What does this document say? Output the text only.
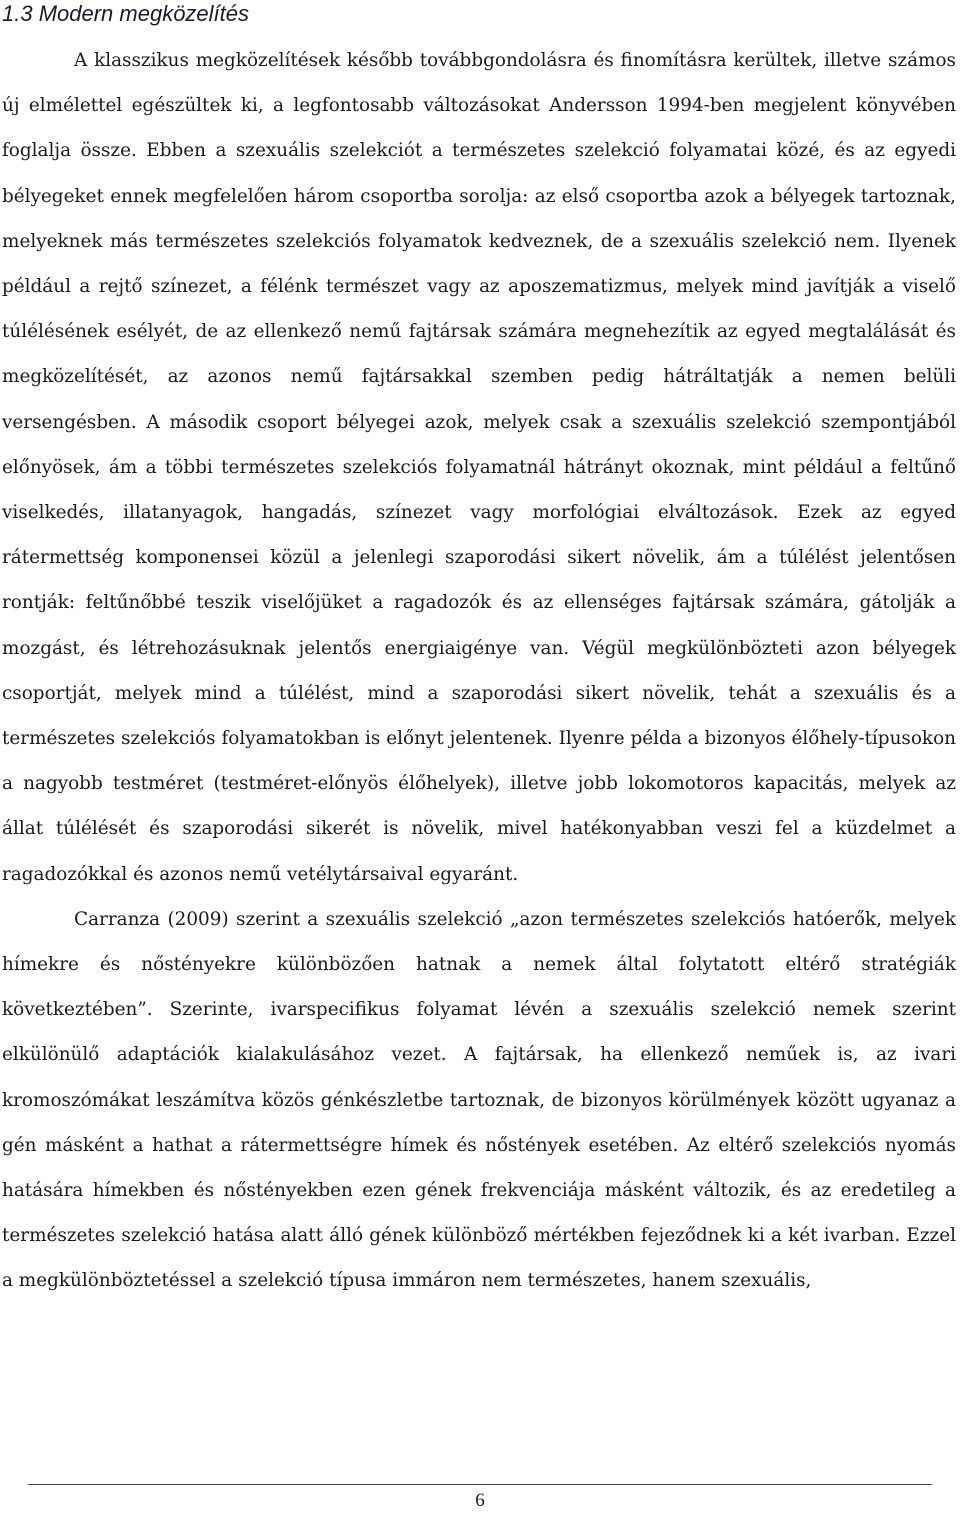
1.3 Modern megközelítés

A klasszikus megközelítések később továbbgondolásra és finomításra kerültek, illetve számos új elmélettel egészültek ki, a legfontosabb változásokat Andersson 1994-ben megjelent könyvében foglalja össze. Ebben a szexuális szelekciót a természetes szelekció folyamatai közé, és az egyedi bélyegeket ennek megfelelően három csoportba sorolja: az első csoportba azok a bélyegek tartoznak, melyeknek más természetes szelekciós folyamatok kedveznek, de a szexuális szelekció nem. Ilyenek például a rejtő színezet, a félénk természet vagy az aposzematizmus, melyek mind javítják a viselő túlélésének esélyét, de az ellenkező nemű fajtársak számára megnehezítik az egyed megtalálását és megközelítését, az azonos nemű fajtársakkal szemben pedig hátráltatják a nemen belüli versengésben. A második csoport bélyegei azok, melyek csak a szexuális szelekció szempontjából előnyösek, ám a többi természetes szelekciós folyamatnál hátrányt okoznak, mint például a feltűnő viselkedés, illatanyagok, hangadás, színezet vagy morfológiai elváltozások. Ezek az egyed rátermettség komponensei közül a jelenlegi szaporodási sikert növelik, ám a túlélést jelentősen rontják: feltűnőbbé teszik viselőjüket a ragadozók és az ellenséges fajtársak számára, gátolják a mozgást, és létrehozásuknak jelentős energiaigénye van. Végül megkülönbözteti azon bélyegek csoportját, melyek mind a túlélést, mind a szaporodási sikert növelik, tehát a szexuális és a természetes szelekciós folyamatokban is előnyt jelentenek. Ilyenre példa a bizonyos élőhely-típusokon a nagyobb testméret (testméret-előnyös élőhelyek), illetve jobb lokomotoros kapacitás, melyek az állat túlélését és szaporodási sikerét is növelik, mivel hatékonyabban veszi fel a küzdelmet a ragadozókkal és azonos nemű vetélytársaival egyaránt.

Carranza (2009) szerint a szexuális szelekció „azon természetes szelekciós hatóerők, melyek hímekre és nőstényekre különbözően hatnak a nemek által folytatott eltérő stratégiák következtében”. Szerinte, ivarspecifikus folyamat lévén a szexuális szelekció nemek szerint elkülönülő adaptációk kialakulásához vezet. A fajtársak, ha ellenkező neműek is, az ivari kromoszómákat leszámítva közös génkészletbe tartoznak, de bizonyos körülmények között ugyanaz a gén másként a hathat a rátermettségre hímek és nőstények esetében. Az eltérő szelekciós nyomás hatására hímekben és nőstényekben ezen gének frekvenciája másként változik, és az eredetileg a természetes szelekció hatása alatt álló gének különböző mértékben fejeződnek ki a két ivarban. Ezzel a megkülönböztetéssel a szelekció típusa immáron nem természetes, hanem szexuális,

6
